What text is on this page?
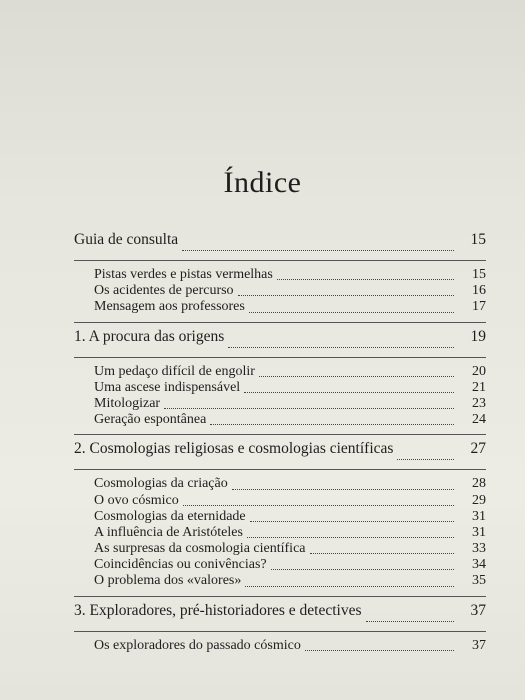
Índice
Guia de consulta	15
Pistas verdes e pistas vermelhas	15
Os acidentes de percurso	16
Mensagem aos professores	17
1. A procura das origens	19
Um pedaço difícil de engolir	20
Uma ascese indispensável	21
Mitologizar	23
Geração espontânea	24
2. Cosmologias religiosas e cosmologias científicas	27
Cosmologias da criação	28
O ovo cósmico	29
Cosmologias da eternidade	31
A influência de Aristóteles	31
As surpresas da cosmologia científica	33
Coincidências ou conivências?	34
O problema dos «valores»	35
3. Exploradores, pré-historiadores e detectives	37
Os exploradores do passado cósmico	37
